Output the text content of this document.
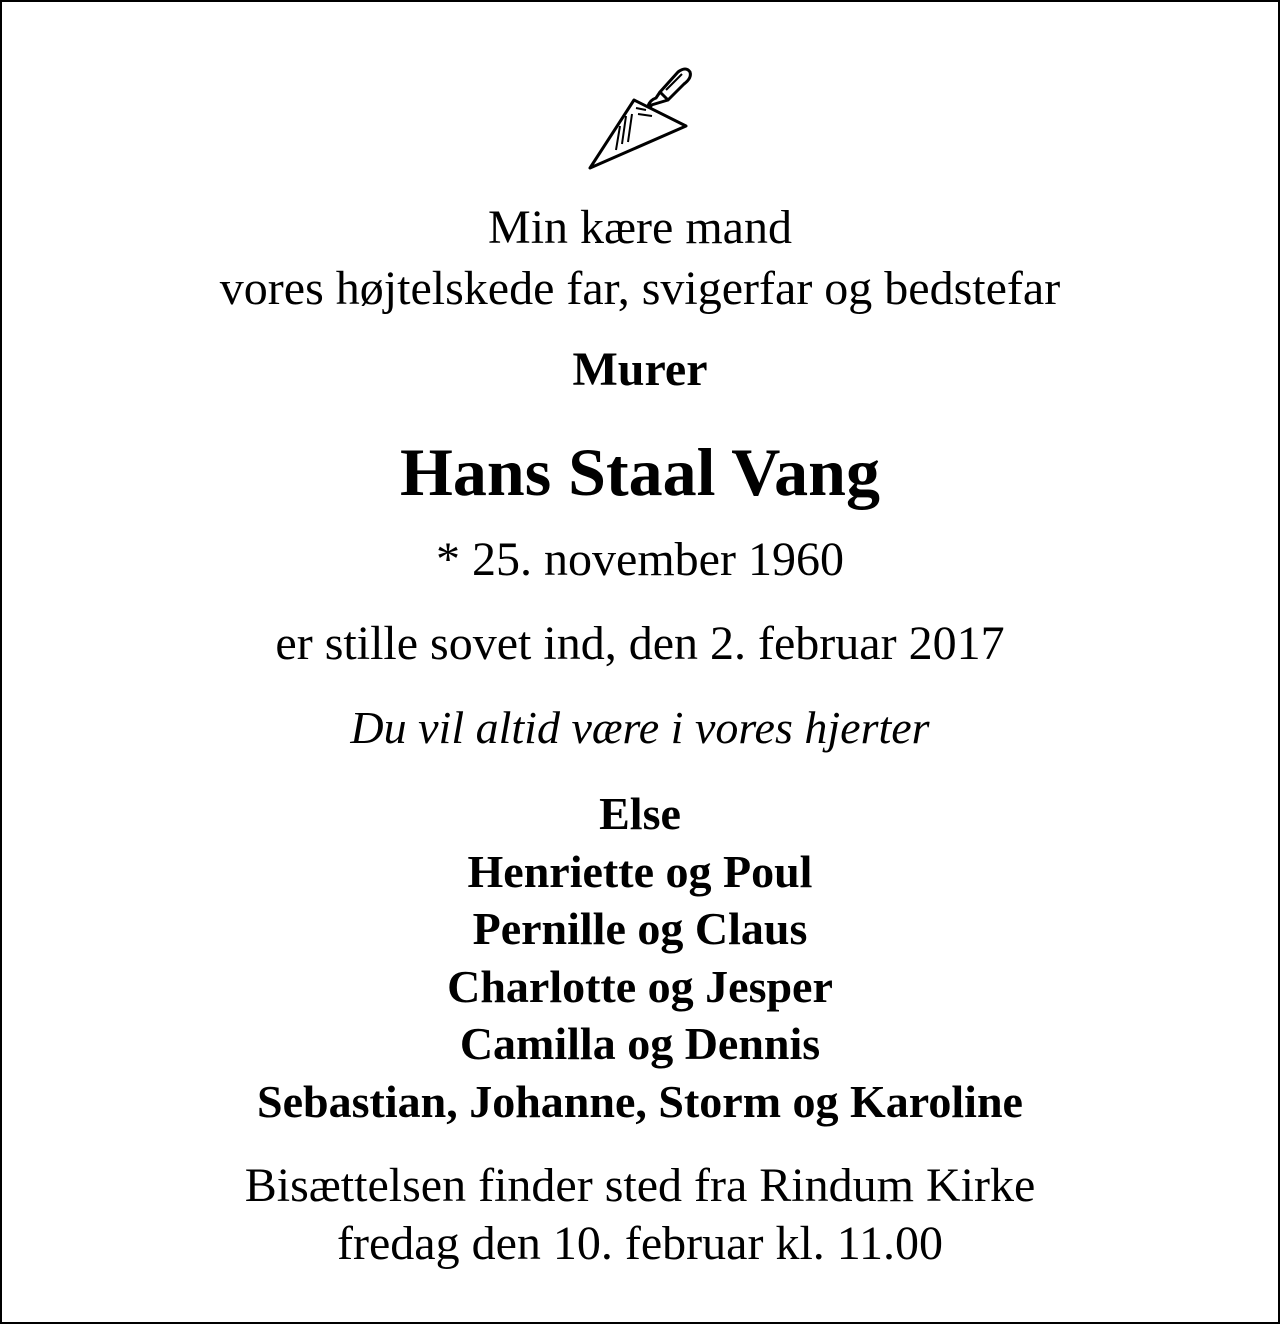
Min kære mand
vores højtelskede far, svigerfar og bedstefar
Murer
Hans Staal Vang
* 25. november 1960
er stille sovet ind, den 2. februar 2017
Du vil altid være i vores hjerter
Else
Henriette og Poul
Pernille og Claus
Charlotte og Jesper
Camilla og Dennis
Sebastian, Johanne, Storm og Karoline
Bisættelsen finder sted fra Rindum Kirke
fredag den 10. februar kl. 11.00
